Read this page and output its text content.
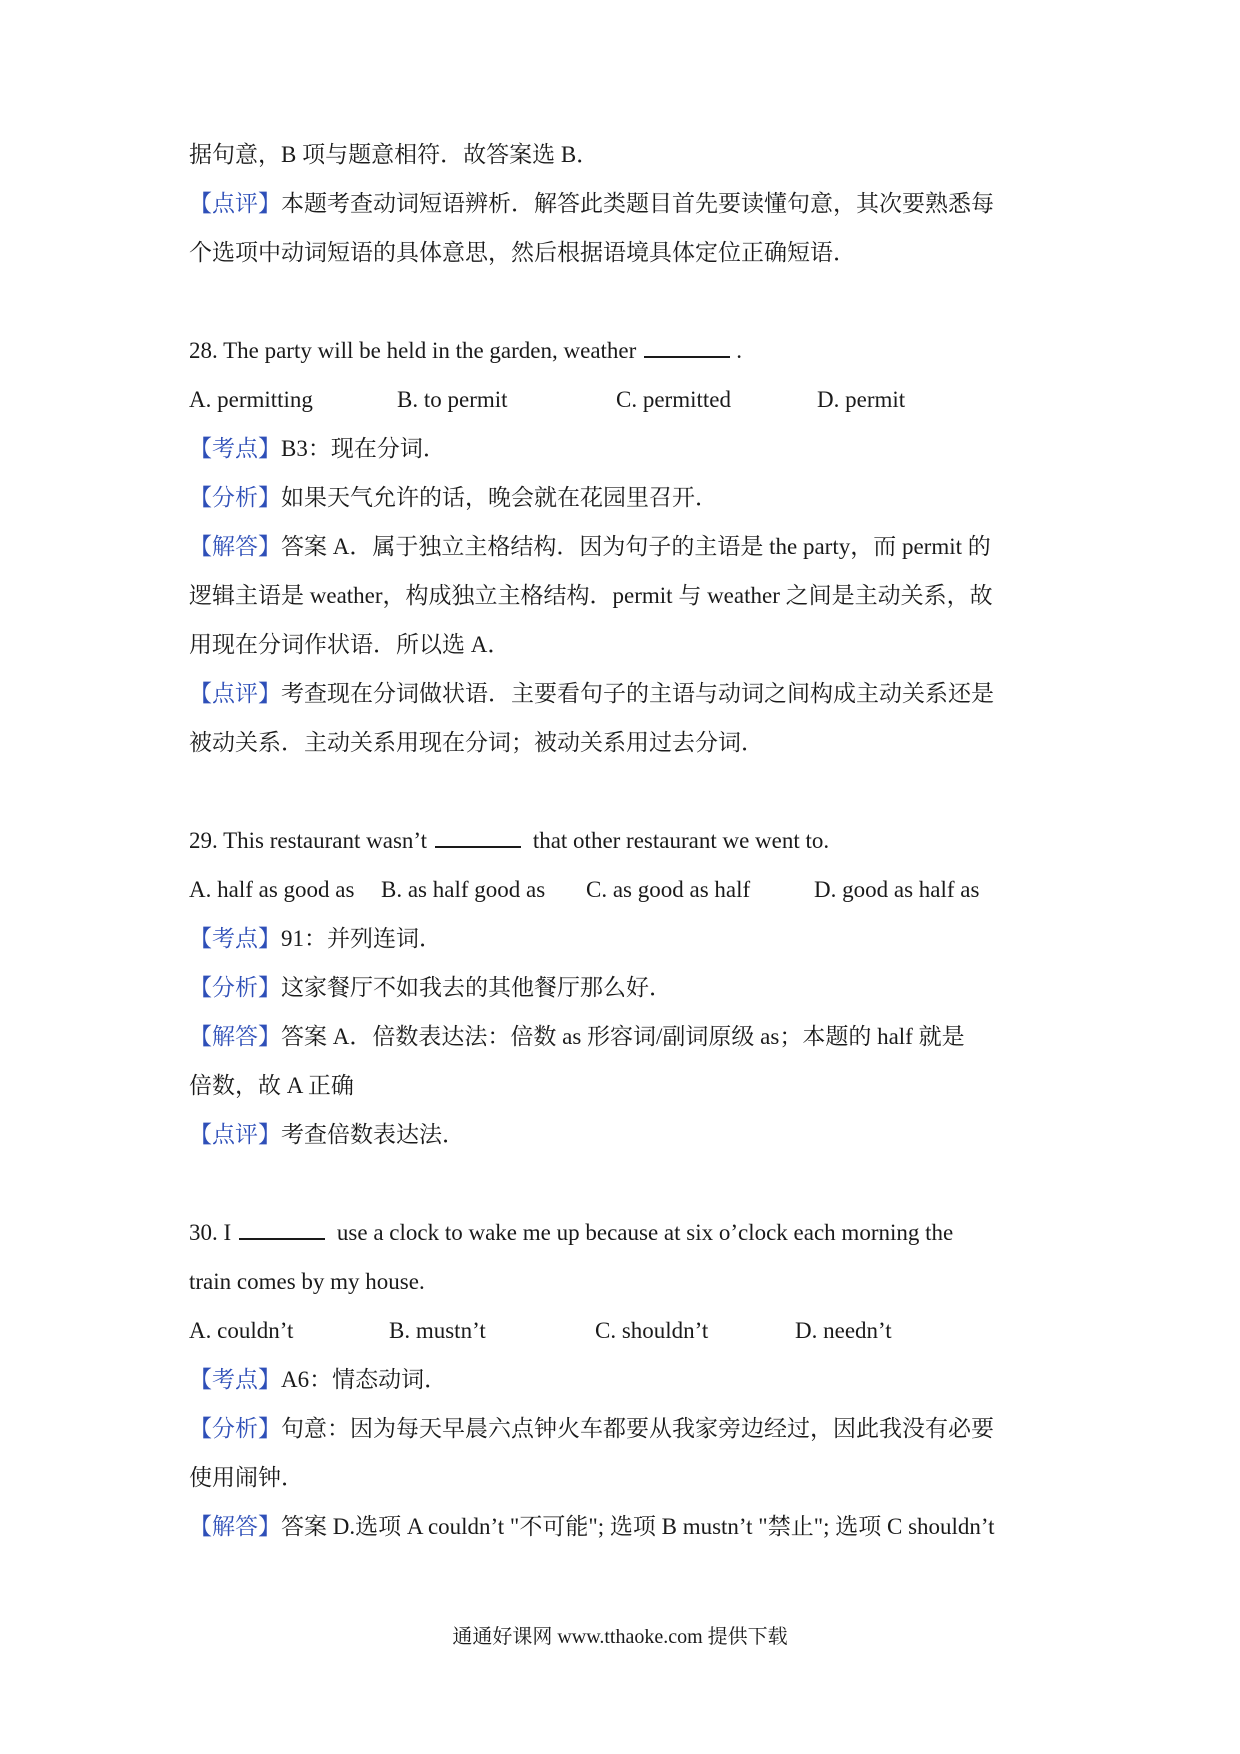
据句意，B 项与题意相符．故答案选 B．
【点评】本题考查动词短语辨析．解答此类题目首先要读懂句意，其次要熟悉每
个选项中动词短语的具体意思，然后根据语境具体定位正确短语．
28. The party will be held in the garden, weather	.
A. permitting	B. to permit	C. permitted	D. permit
【考点】B3：现在分词．
【分析】如果天气允许的话，晚会就在花园里召开．
【解答】答案 A．属于独立主格结构．因为句子的主语是 the party，而 permit 的
逻辑主语是 weather，构成独立主格结构．permit 与 weather 之间是主动关系，故
用现在分词作状语．所以选 A．
【点评】考查现在分词做状语．主要看句子的主语与动词之间构成主动关系还是
被动关系．主动关系用现在分词；被动关系用过去分词．
29. This restaurant wasn’t	that other restaurant we went to.
A. half as good as	B. as half good as	C. as good as half	D. good as half as
【考点】91：并列连词．
【分析】这家餐厅不如我去的其他餐厅那么好．
【解答】答案 A．倍数表达法：倍数 as 形容词/副词原级 as；本题的 half 就是
倍数，故 A 正确
【点评】考查倍数表达法．
30. I	use a clock to wake me up because at six o’clock each morning the
train comes by my house.
A. couldn’t	B. mustn’t	C. shouldn’t	D. needn’t
【考点】A6：情态动词．
【分析】句意：因为每天早晨六点钟火车都要从我家旁边经过，因此我没有必要
使用闹钟．
【解答】答案 D.选项 A couldn’t "不可能"; 选项 B mustn’t "禁止"; 选项 C shouldn’t
通通好课网 www.tthaoke.com 提供下载
